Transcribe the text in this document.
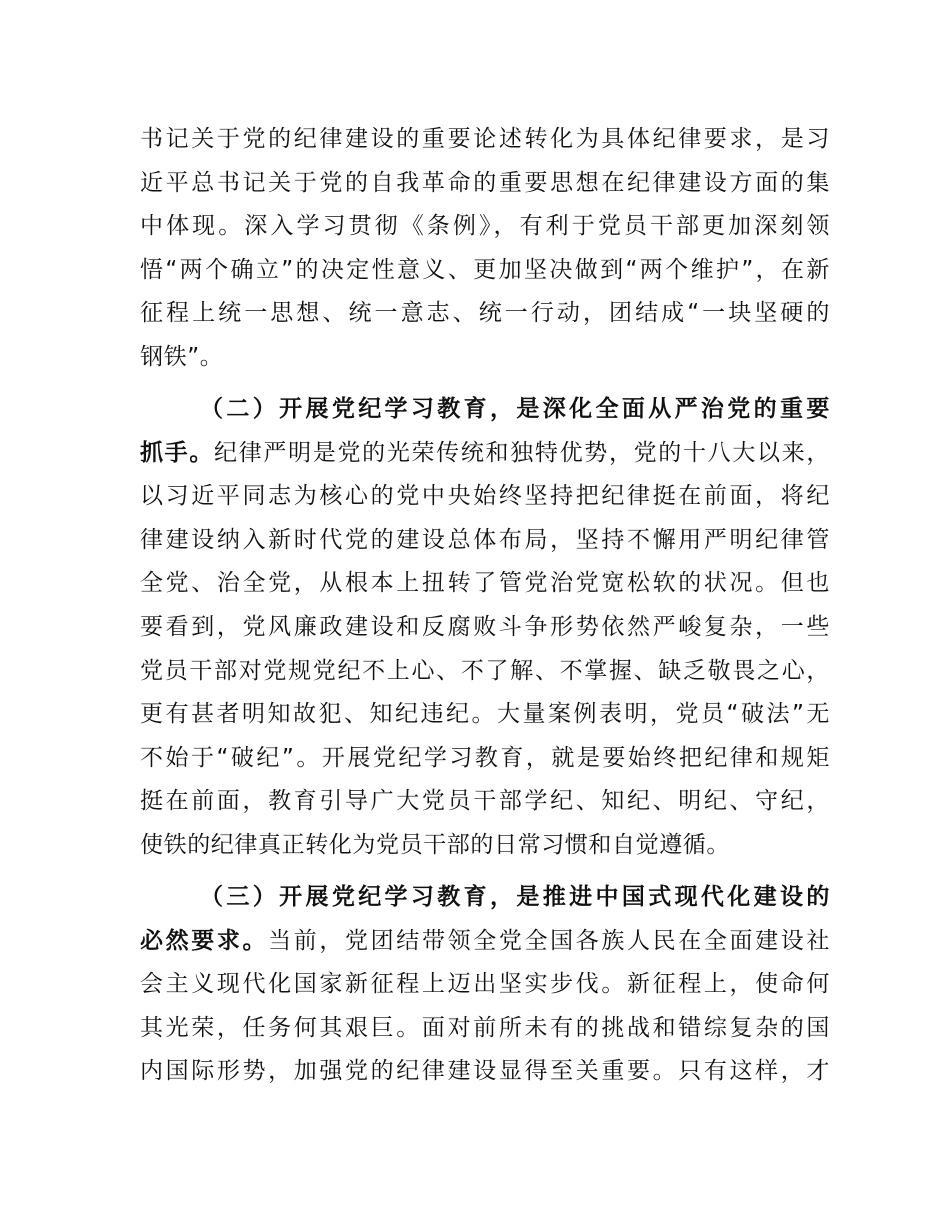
书记关于党的纪律建设的重要论述转化为具体纪律要求，是习
近平总书记关于党的自我革命的重要思想在纪律建设方面的集
中体现。深入学习贯彻《条例》，有利于党员干部更加深刻领
悟“两个确立”的决定性意义、更加坚决做到“两个维护”，在新
征程上统一思想、统一意志、统一行动，团结成“一块坚硬的
钢铁”。
（二）开展党纪学习教育，是深化全面从严治党的重要
抓手。纪律严明是党的光荣传统和独特优势，党的十八大以来，
以习近平同志为核心的党中央始终坚持把纪律挺在前面，将纪
律建设纳入新时代党的建设总体布局，坚持不懈用严明纪律管
全党、治全党，从根本上扭转了管党治党宽松软的状况。但也
要看到，党风廉政建设和反腐败斗争形势依然严峻复杂，一些
党员干部对党规党纪不上心、不了解、不掌握、缺乏敬畏之心，
更有甚者明知故犯、知纪违纪。大量案例表明，党员“破法”无
不始于“破纪”。开展党纪学习教育，就是要始终把纪律和规矩
挺在前面，教育引导广大党员干部学纪、知纪、明纪、守纪，
使铁的纪律真正转化为党员干部的日常习惯和自觉遵循。
（三）开展党纪学习教育，是推进中国式现代化建设的
必然要求。当前，党团结带领全党全国各族人民在全面建设社
会主义现代化国家新征程上迈出坚实步伐。新征程上，使命何
其光荣，任务何其艰巨。面对前所未有的挑战和错综复杂的国
内国际形势，加强党的纪律建设显得至关重要。只有这样，才
